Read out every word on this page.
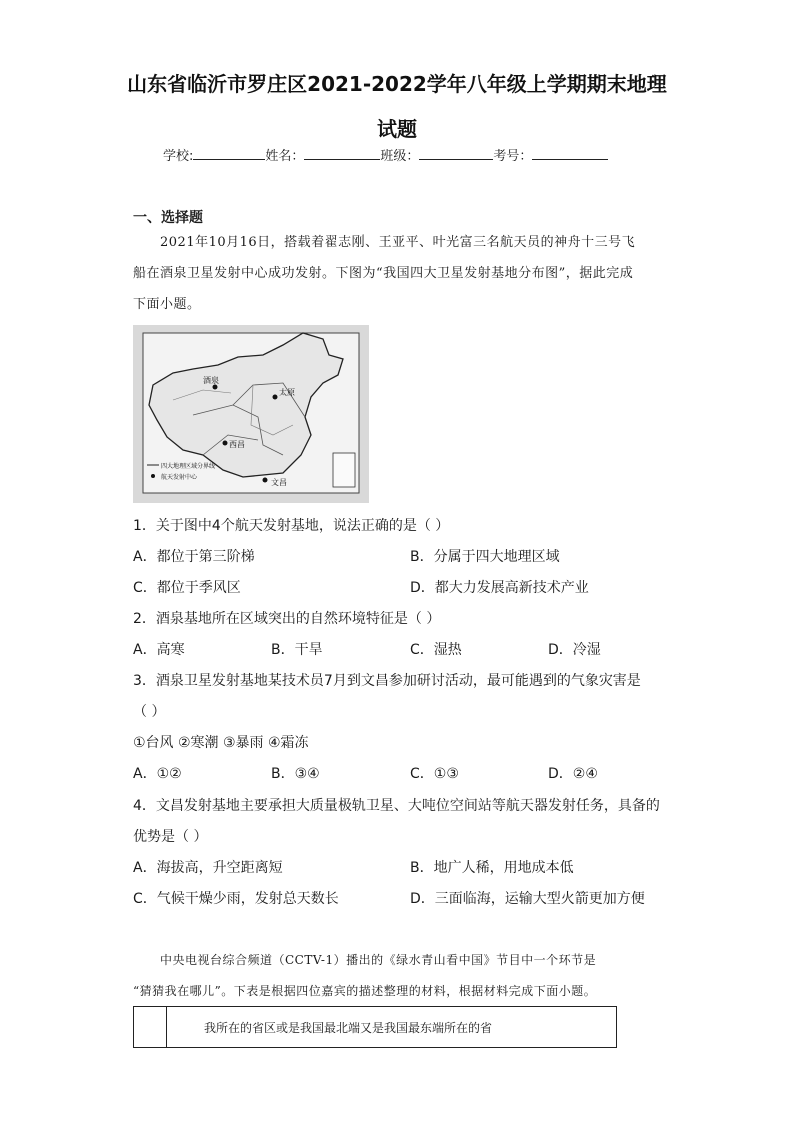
山东省临沂市罗庄区2021-2022学年八年级上学期期末地理
试题
学校:	姓名：	班级：	考号：
一、选择题
2021年10月16日，搭载着翟志刚、王亚平、叶光富三名航天员的神舟十三号飞
船在酒泉卫星发射中心成功发射。下图为“我国四大卫星发射基地分布图”，据此完成
下面小题。
酒泉
太原
西昌
文昌
四大地理区域分界线
航天发射中心
1．关于图中4个航天发射基地，说法正确的是（ ）
A．都位于第三阶梯	B．分属于四大地理区域
C．都位于季风区	D．都大力发展高新技术产业
2．酒泉基地所在区域突出的自然环境特征是（ ）
A．高寒	B．干旱	C．湿热	D．冷湿
3．酒泉卫星发射基地某技术员7月到文昌参加研讨活动，最可能遇到的气象灾害是
（ ）
①台风 ②寒潮 ③暴雨 ④霜冻
A．①②	B．③④	C．①③	D．②④
4．文昌发射基地主要承担大质量极轨卫星、大吨位空间站等航天器发射任务，具备的
优势是（ ）
A．海拔高，升空距离短	B．地广人稀，用地成本低
C．气候干燥少雨，发射总天数长	D．三面临海，运输大型火箭更加方便
中央电视台综合频道（CCTV-1）播出的《绿水青山看中国》节目中一个环节是
“猜猜我在哪儿”。下表是根据四位嘉宾的描述整理的材料，根据材料完成下面小题。
我所在的省区或是我国最北端又是我国最东端所在的省
